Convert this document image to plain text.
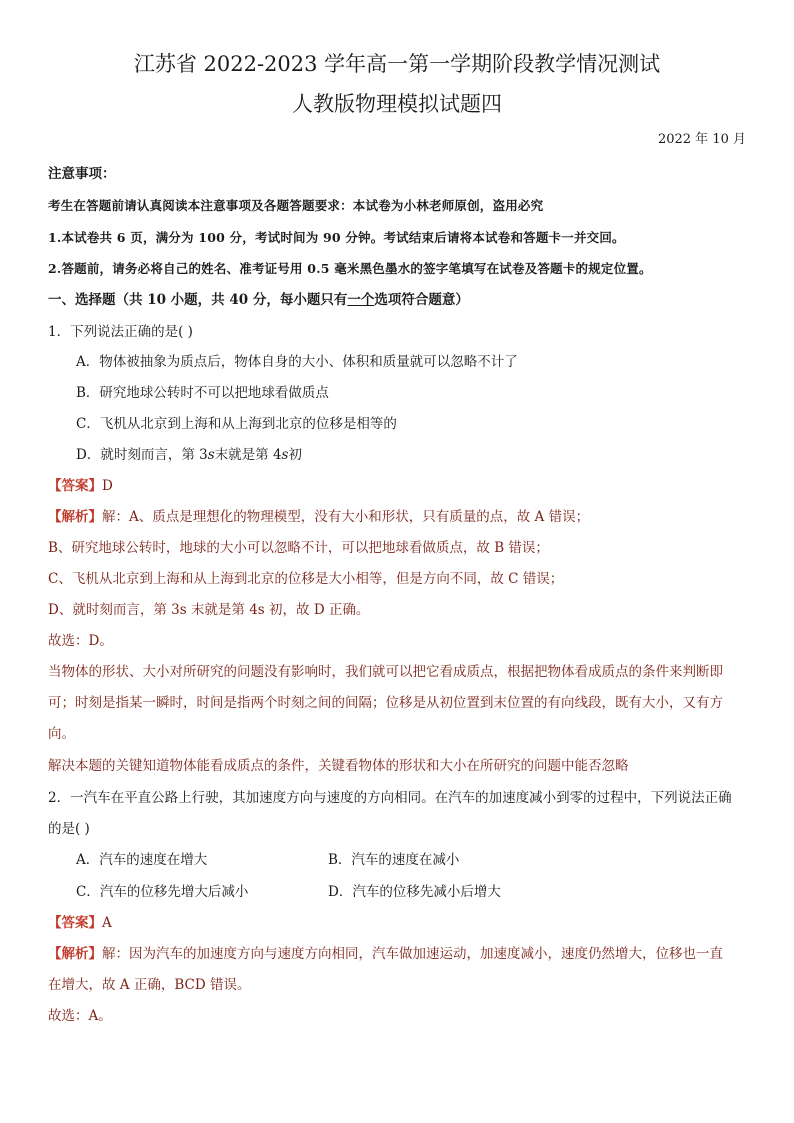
江苏省 2022-2023 学年高一第一学期阶段教学情况测试
人教版物理模拟试题四
2022 年 10 月
注意事项：
考生在答题前请认真阅读本注意事项及各题答题要求：本试卷为小林老师原创，盗用必究
1.本试卷共 6 页，满分为 100 分，考试时间为 90 分钟。考试结束后请将本试卷和答题卡一并交回。
2.答题前，请务必将自己的姓名、准考证号用 0.5 毫米黑色墨水的签字笔填写在试卷及答题卡的规定位置。
一、选择题（共 10 小题，共 40 分，每小题只有一个选项符合题意）
1．下列说法正确的是( )
A．物体被抽象为质点后，物体自身的大小、体积和质量就可以忽略不计了
B．研究地球公转时不可以把地球看做质点
C．飞机从北京到上海和从上海到北京的位移是相等的
D．就时刻而言，第 3s末就是第 4s初
【答案】D
【解析】解：A、质点是理想化的物理模型，没有大小和形状，只有质量的点，故 A 错误；
B、研究地球公转时，地球的大小可以忽略不计，可以把地球看做质点，故 B 错误；
C、飞机从北京到上海和从上海到北京的位移是大小相等，但是方向不同，故 C 错误；
D、就时刻而言，第 3s 末就是第 4s 初，故 D 正确。
故选：D。
当物体的形状、大小对所研究的问题没有影响时，我们就可以把它看成质点，根据把物体看成质点的条件来判断即
可；时刻是指某一瞬时，时间是指两个时刻之间的间隔；位移是从初位置到末位置的有向线段，既有大小，又有方
向。
解决本题的关键知道物体能看成质点的条件，关键看物体的形状和大小在所研究的问题中能否忽略
2．一汽车在平直公路上行驶，其加速度方向与速度的方向相同。在汽车的加速度减小到零的过程中，下列说法正确
的是( )
A．汽车的速度在增大	B．汽车的速度在减小
C．汽车的位移先增大后减小	D．汽车的位移先减小后增大
【答案】A
【解析】解：因为汽车的加速度方向与速度方向相同，汽车做加速运动，加速度减小，速度仍然增大，位移也一直
在增大，故 A 正确，BCD 错误。
故选：A。
